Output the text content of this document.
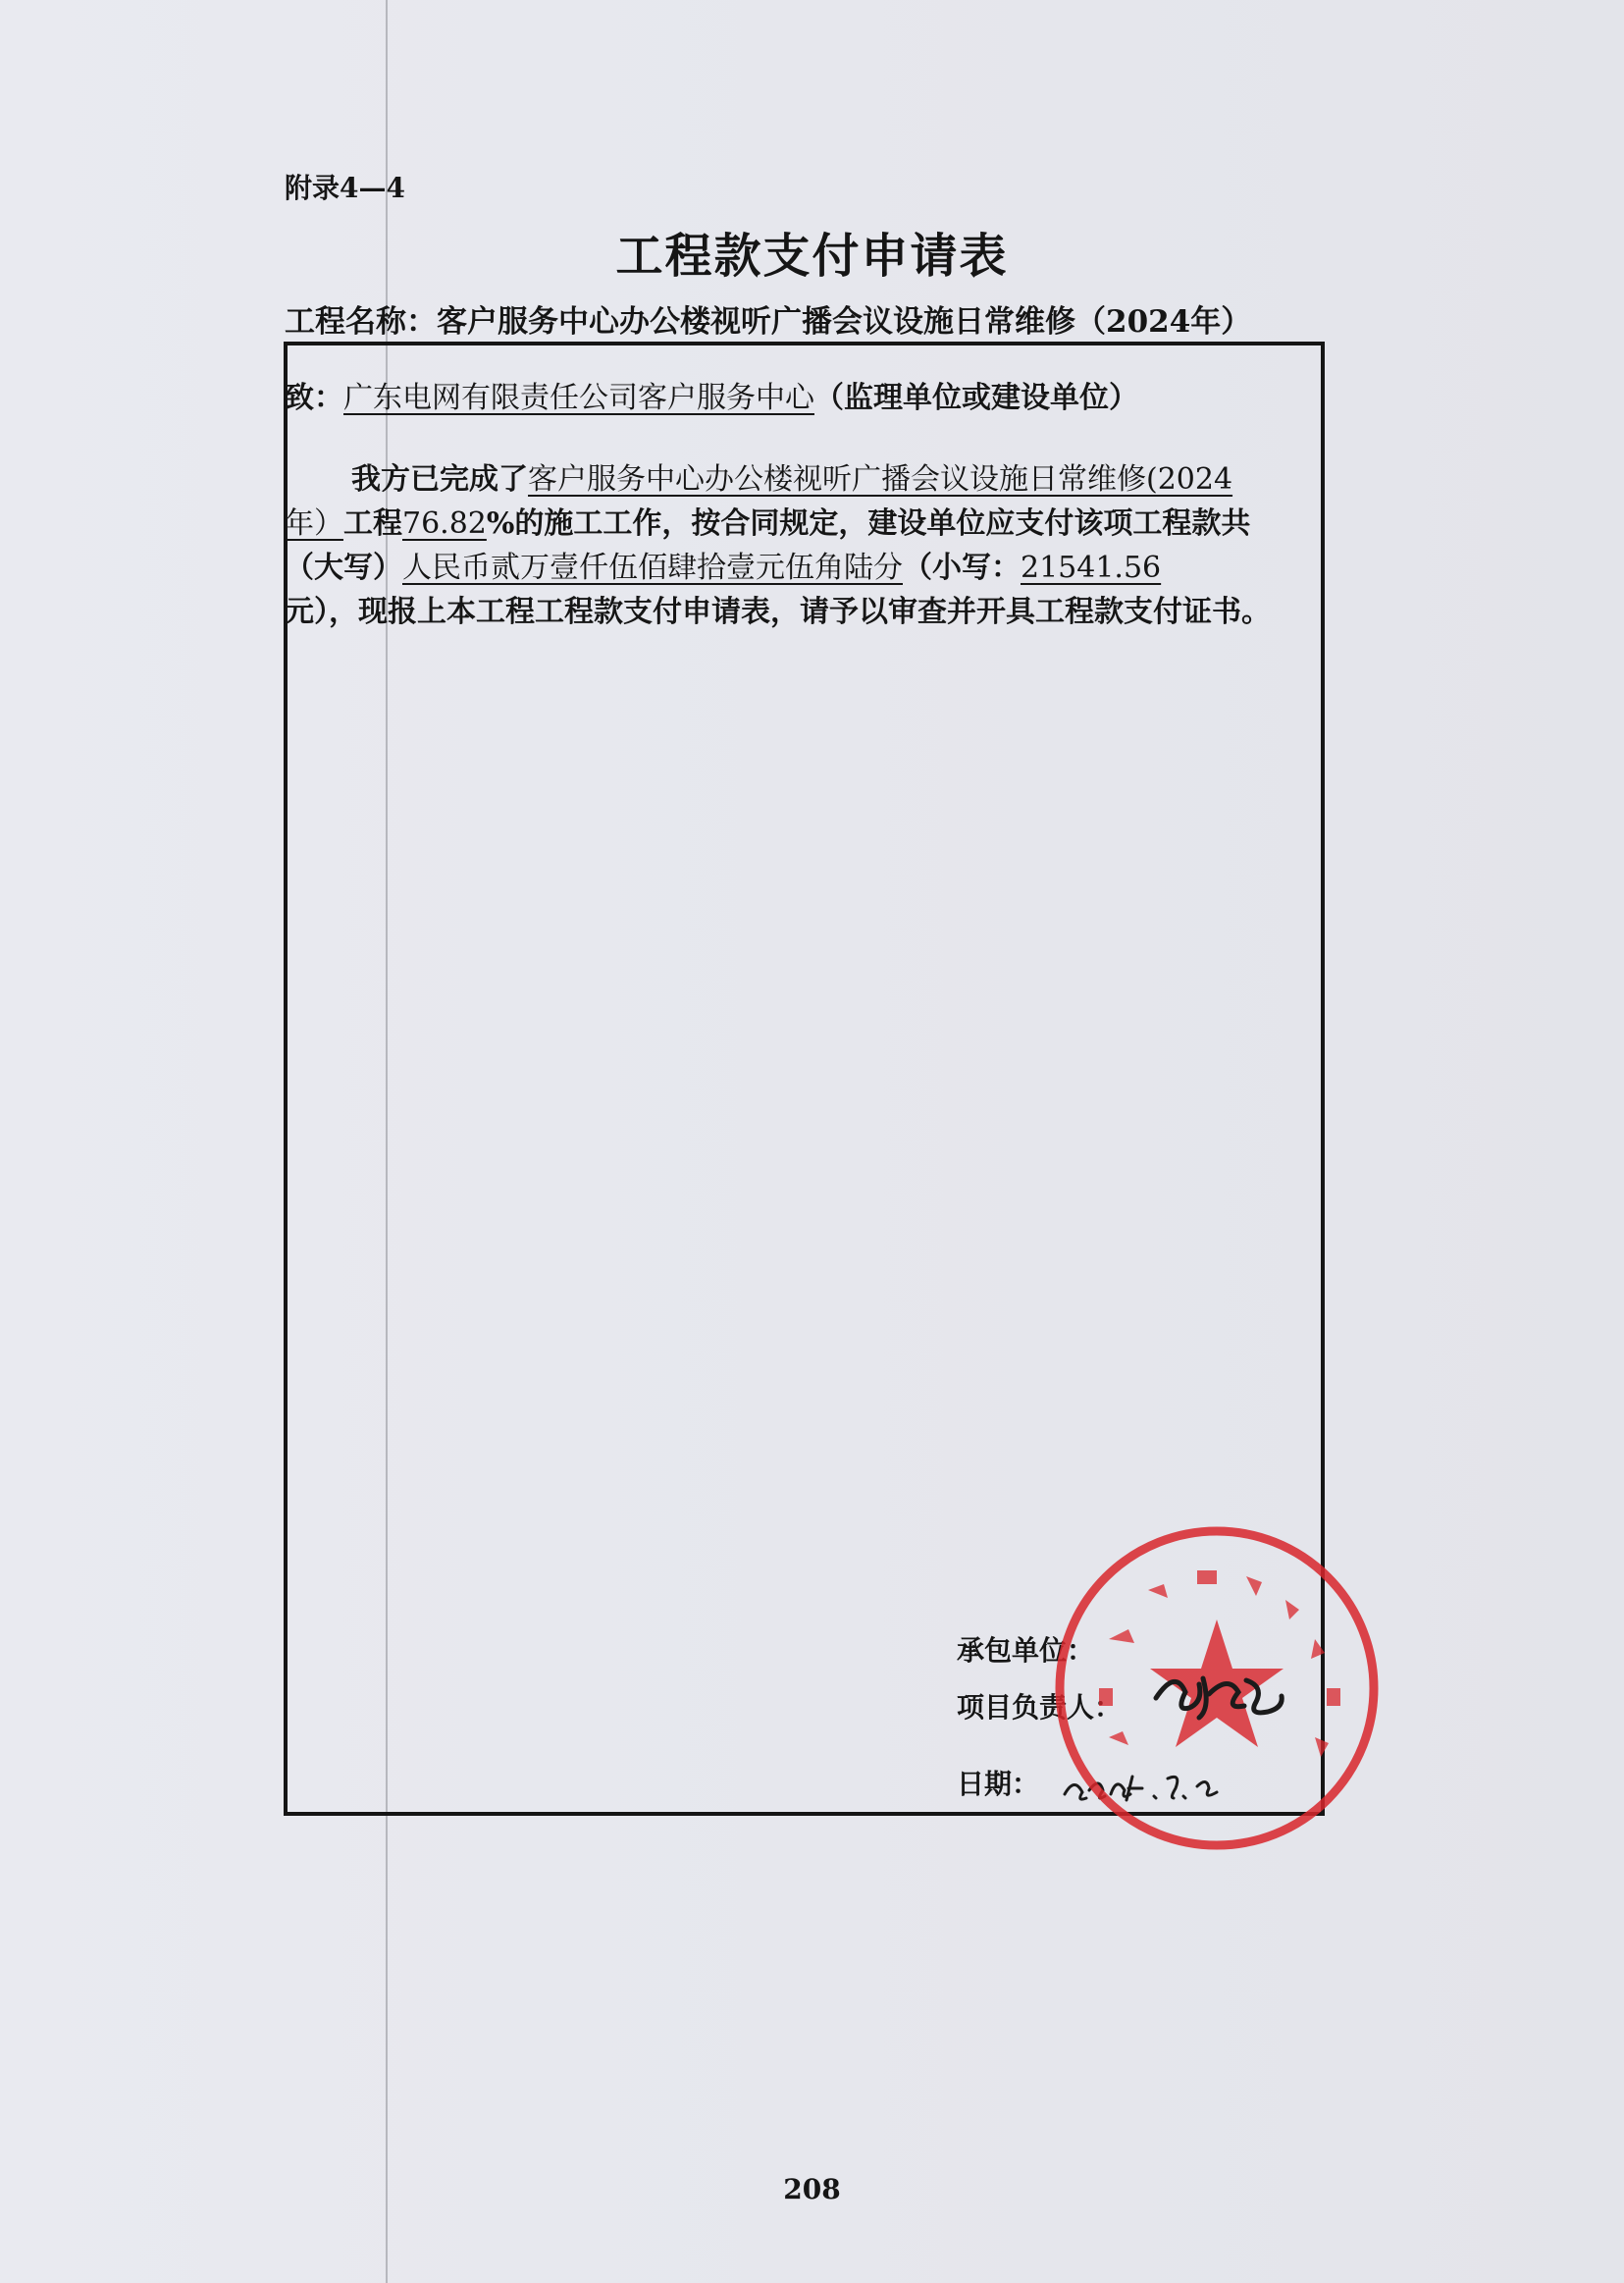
附录4—4
工程款支付申请表
工程名称：客户服务中心办公楼视听广播会议设施日常维修（2024年）
致：广东电网有限责任公司客户服务中心（监理单位或建设单位）

我方已完成了客户服务中心办公楼视听广播会议设施日常维修(2024

年）工程76.82%的施工工作，按合同规定，建设单位应支付该项工程款共

（大写）人民币贰万壹仟伍佰肆拾壹元伍角陆分（小写：21541.56

元），现报上本工程工程款支付申请表，请予以审查并开具工程款支付证书。

承包单位：
项目负责人：
日期：
208
